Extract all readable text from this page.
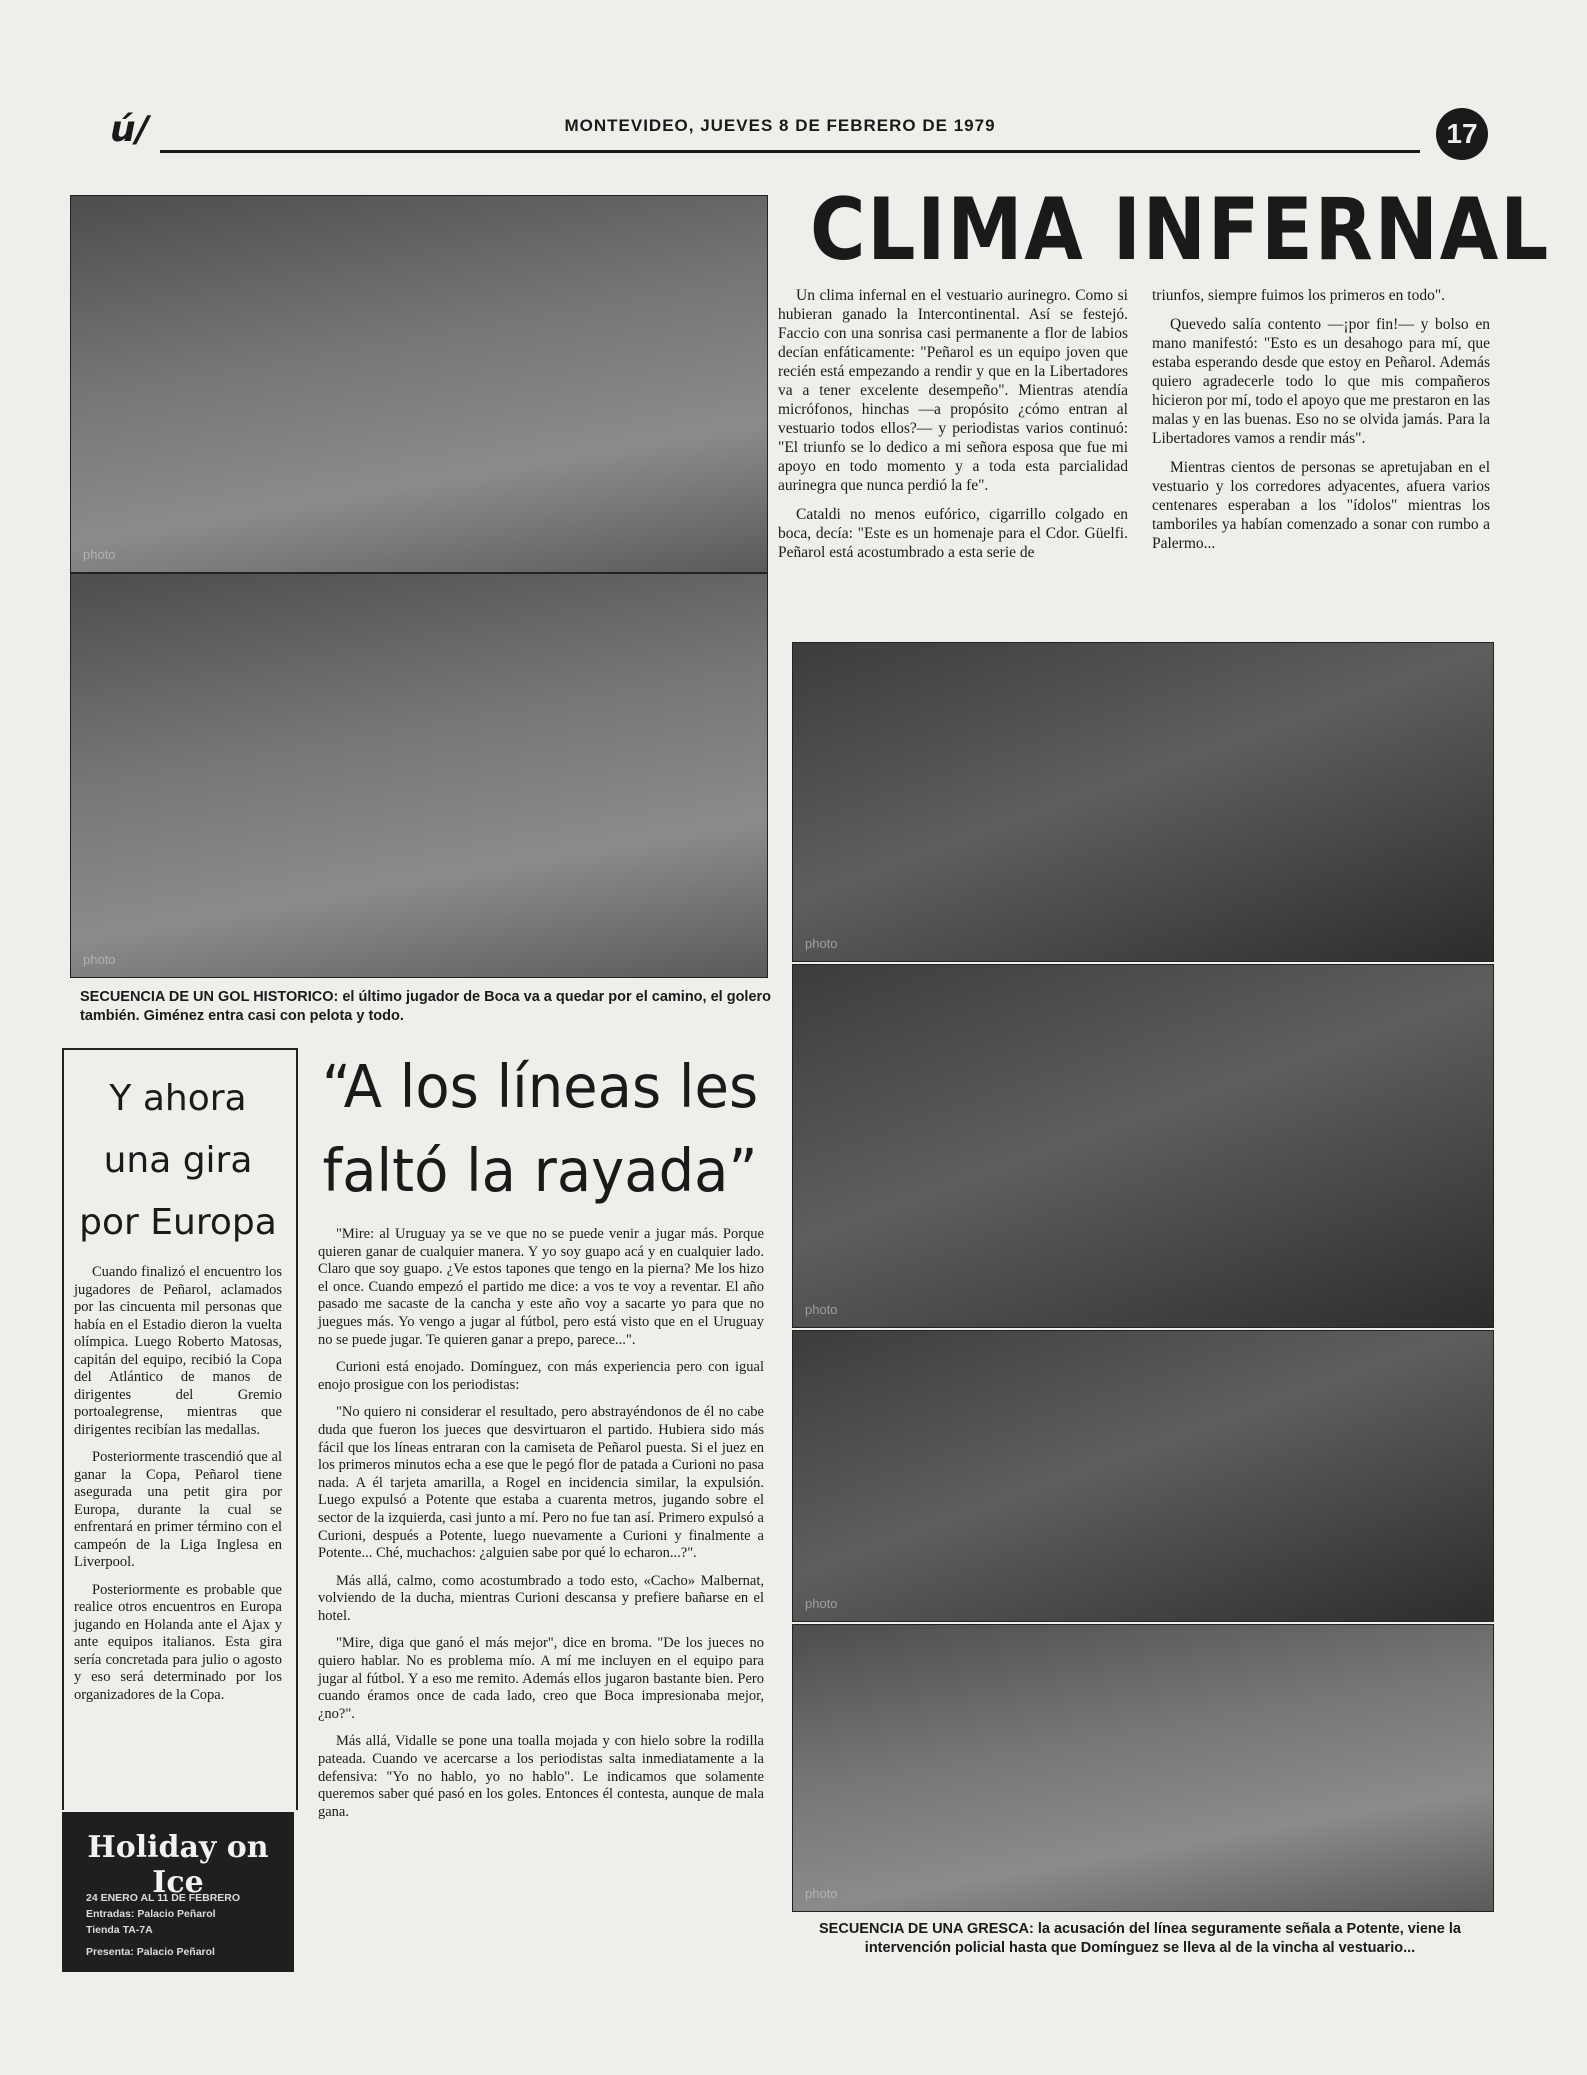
ú/	MONTEVIDEO, JUEVES 8 DE FEBRERO DE 1979	17
photo
photo
SECUENCIA DE UN GOL HISTORICO: el último jugador de Boca va a quedar por el camino, el golero también. Giménez entra casi con pelota y todo.
CLIMA INFERNAL

Un clima infernal en el vestuario aurinegro. Como si hubieran ganado la Intercontinental. Así se festejó. Faccio con una sonrisa casi permanente a flor de labios decían enfáticamente: "Peñarol es un equipo joven que recién está empezando a rendir y que en la Libertadores va a tener excelente desempeño". Mientras atendía micrófonos, hinchas —a propósito ¿cómo entran al vestuario todos ellos?— y periodistas varios continuó: "El triunfo se lo dedico a mi señora esposa que fue mi apoyo en todo momento y a toda esta parcialidad aurinegra que nunca perdió la fe".

Cataldi no menos eufórico, cigarrillo colgado en boca, decía: "Este es un homenaje para el Cdor. Güelfi. Peñarol está acostumbrado a esta serie de

triunfos, siempre fuimos los primeros en todo".

Quevedo salía contento —¡por fin!— y bolso en mano manifestó: "Esto es un desahogo para mí, que estaba esperando desde que estoy en Peñarol. Además quiero agradecerle todo lo que mis compañeros hicieron por mí, todo el apoyo que me prestaron en las malas y en las buenas. Eso no se olvida jamás. Para la Libertadores vamos a rendir más".

Mientras cientos de personas se apretujaban en el vestuario y los corredores adyacentes, afuera varios centenares esperaban a los "ídolos" mientras los tamboriles ya habían comenzado a sonar con rumbo a Palermo...

photo
photo
photo
photo
SECUENCIA DE UNA GRESCA: la acusación del línea seguramente señala a Potente, viene la intervención policial hasta que Domínguez se lleva al de la vincha al vestuario...
Y ahora
una gira
por Europa

Cuando finalizó el encuentro los jugadores de Peñarol, aclamados por las cincuenta mil personas que había en el Estadio dieron la vuelta olímpica. Luego Roberto Matosas, capitán del equipo, recibió la Copa del Atlántico de manos de dirigentes del Gremio portoalegrense, mientras que dirigentes recibían las medallas.

Posteriormente trascendió que al ganar la Copa, Peñarol tiene asegurada una petit gira por Europa, durante la cual se enfrentará en primer término con el campeón de la Liga Inglesa en Liverpool.

Posteriormente es probable que realice otros encuentros en Europa jugando en Holanda ante el Ajax y ante equipos italianos. Esta gira sería concretada para julio o agosto y eso será determinado por los organizadores de la Copa.

Holiday on Ice
24 ENERO AL 11 DE FEBRERO
Entradas: Palacio Peñarol
Tienda TA-7A
Presenta: Palacio Peñarol
“A los líneas les
faltó la rayada”

"Mire: al Uruguay ya se ve que no se puede venir a jugar más. Porque quieren ganar de cualquier manera. Y yo soy guapo acá y en cualquier lado. Claro que soy guapo. ¿Ve estos tapones que tengo en la pierna? Me los hizo el once. Cuando empezó el partido me dice: a vos te voy a reventar. El año pasado me sacaste de la cancha y este año voy a sacarte yo para que no juegues más. Yo vengo a jugar al fútbol, pero está visto que en el Uruguay no se puede jugar. Te quieren ganar a prepo, parece...".

Curioni está enojado. Domínguez, con más experiencia pero con igual enojo prosigue con los periodistas:

"No quiero ni considerar el resultado, pero abstrayéndonos de él no cabe duda que fueron los jueces que desvirtuaron el partido. Hubiera sido más fácil que los líneas entraran con la camiseta de Peñarol puesta. Si el juez en los primeros minutos echa a ese que le pegó flor de patada a Curioni no pasa nada. A él tarjeta amarilla, a Rogel en incidencia similar, la expulsión. Luego expulsó a Potente que estaba a cuarenta metros, jugando sobre el sector de la izquierda, casi junto a mí. Pero no fue tan así. Primero expulsó a Curioni, después a Potente, luego nuevamente a Curioni y finalmente a Potente... Ché, muchachos: ¿alguien sabe por qué lo echaron...?".

Más allá, calmo, como acostumbrado a todo esto, «Cacho» Malbernat, volviendo de la ducha, mientras Curioni descansa y prefiere bañarse en el hotel.

"Mire, diga que ganó el más mejor", dice en broma. "De los jueces no quiero hablar. No es problema mío. A mí me incluyen en el equipo para jugar al fútbol. Y a eso me remito. Además ellos jugaron bastante bien. Pero cuando éramos once de cada lado, creo que Boca impresionaba mejor, ¿no?".

Más allá, Vidalle se pone una toalla mojada y con hielo sobre la rodilla pateada. Cuando ve acercarse a los periodistas salta inmediatamente a la defensiva: "Yo no hablo, yo no hablo". Le indicamos que solamente queremos saber qué pasó en los goles. Entonces él contesta, aunque de mala gana.
